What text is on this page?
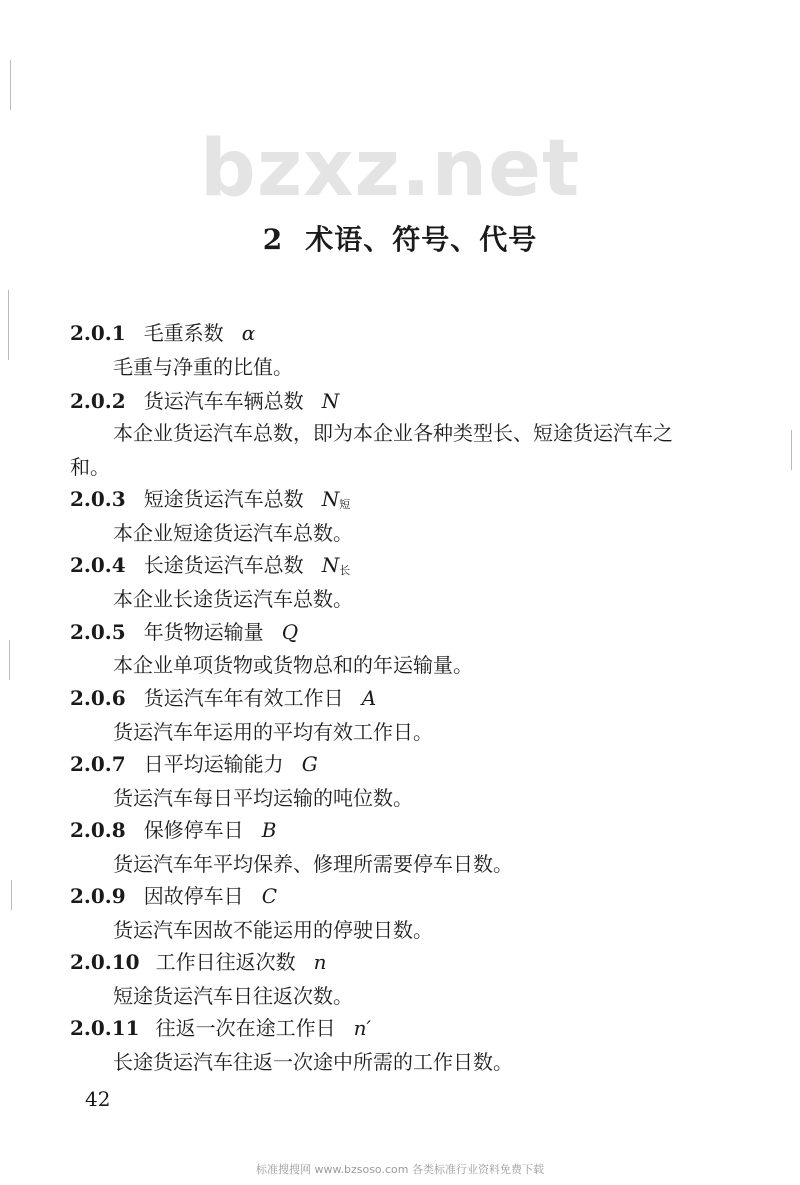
bzxz.net
2 术语、符号、代号
2.0.1 毛重系数 α
毛重与净重的比值。
2.0.2 货运汽车车辆总数 N
本企业货运汽车总数，即为本企业各种类型长、短途货运汽车之和。
2.0.3 短途货运汽车总数 $N_短$
本企业短途货运汽车总数。
2.0.4 长途货运汽车总数 $N_长$
本企业长途货运汽车总数。
2.0.5 年货物运输量 Q
本企业单项货物或货物总和的年运输量。
2.0.6 货运汽车年有效工作日 A
货运汽车年运用的平均有效工作日。
2.0.7 日平均运输能力 G
货运汽车每日平均运输的吨位数。
2.0.8 保修停车日 B
货运汽车年平均保养、修理所需要停车日数。
2.0.9 因故停车日 C
货运汽车因故不能运用的停驶日数。
2.0.10 工作日往返次数 n
短途货运汽车日往返次数。
2.0.11 往返一次在途工作日 n′
长途货运汽车往返一次途中所需的工作日数。
42
标准搜搜网 www.bzsoso.com 各类标准行业资料免费下载
